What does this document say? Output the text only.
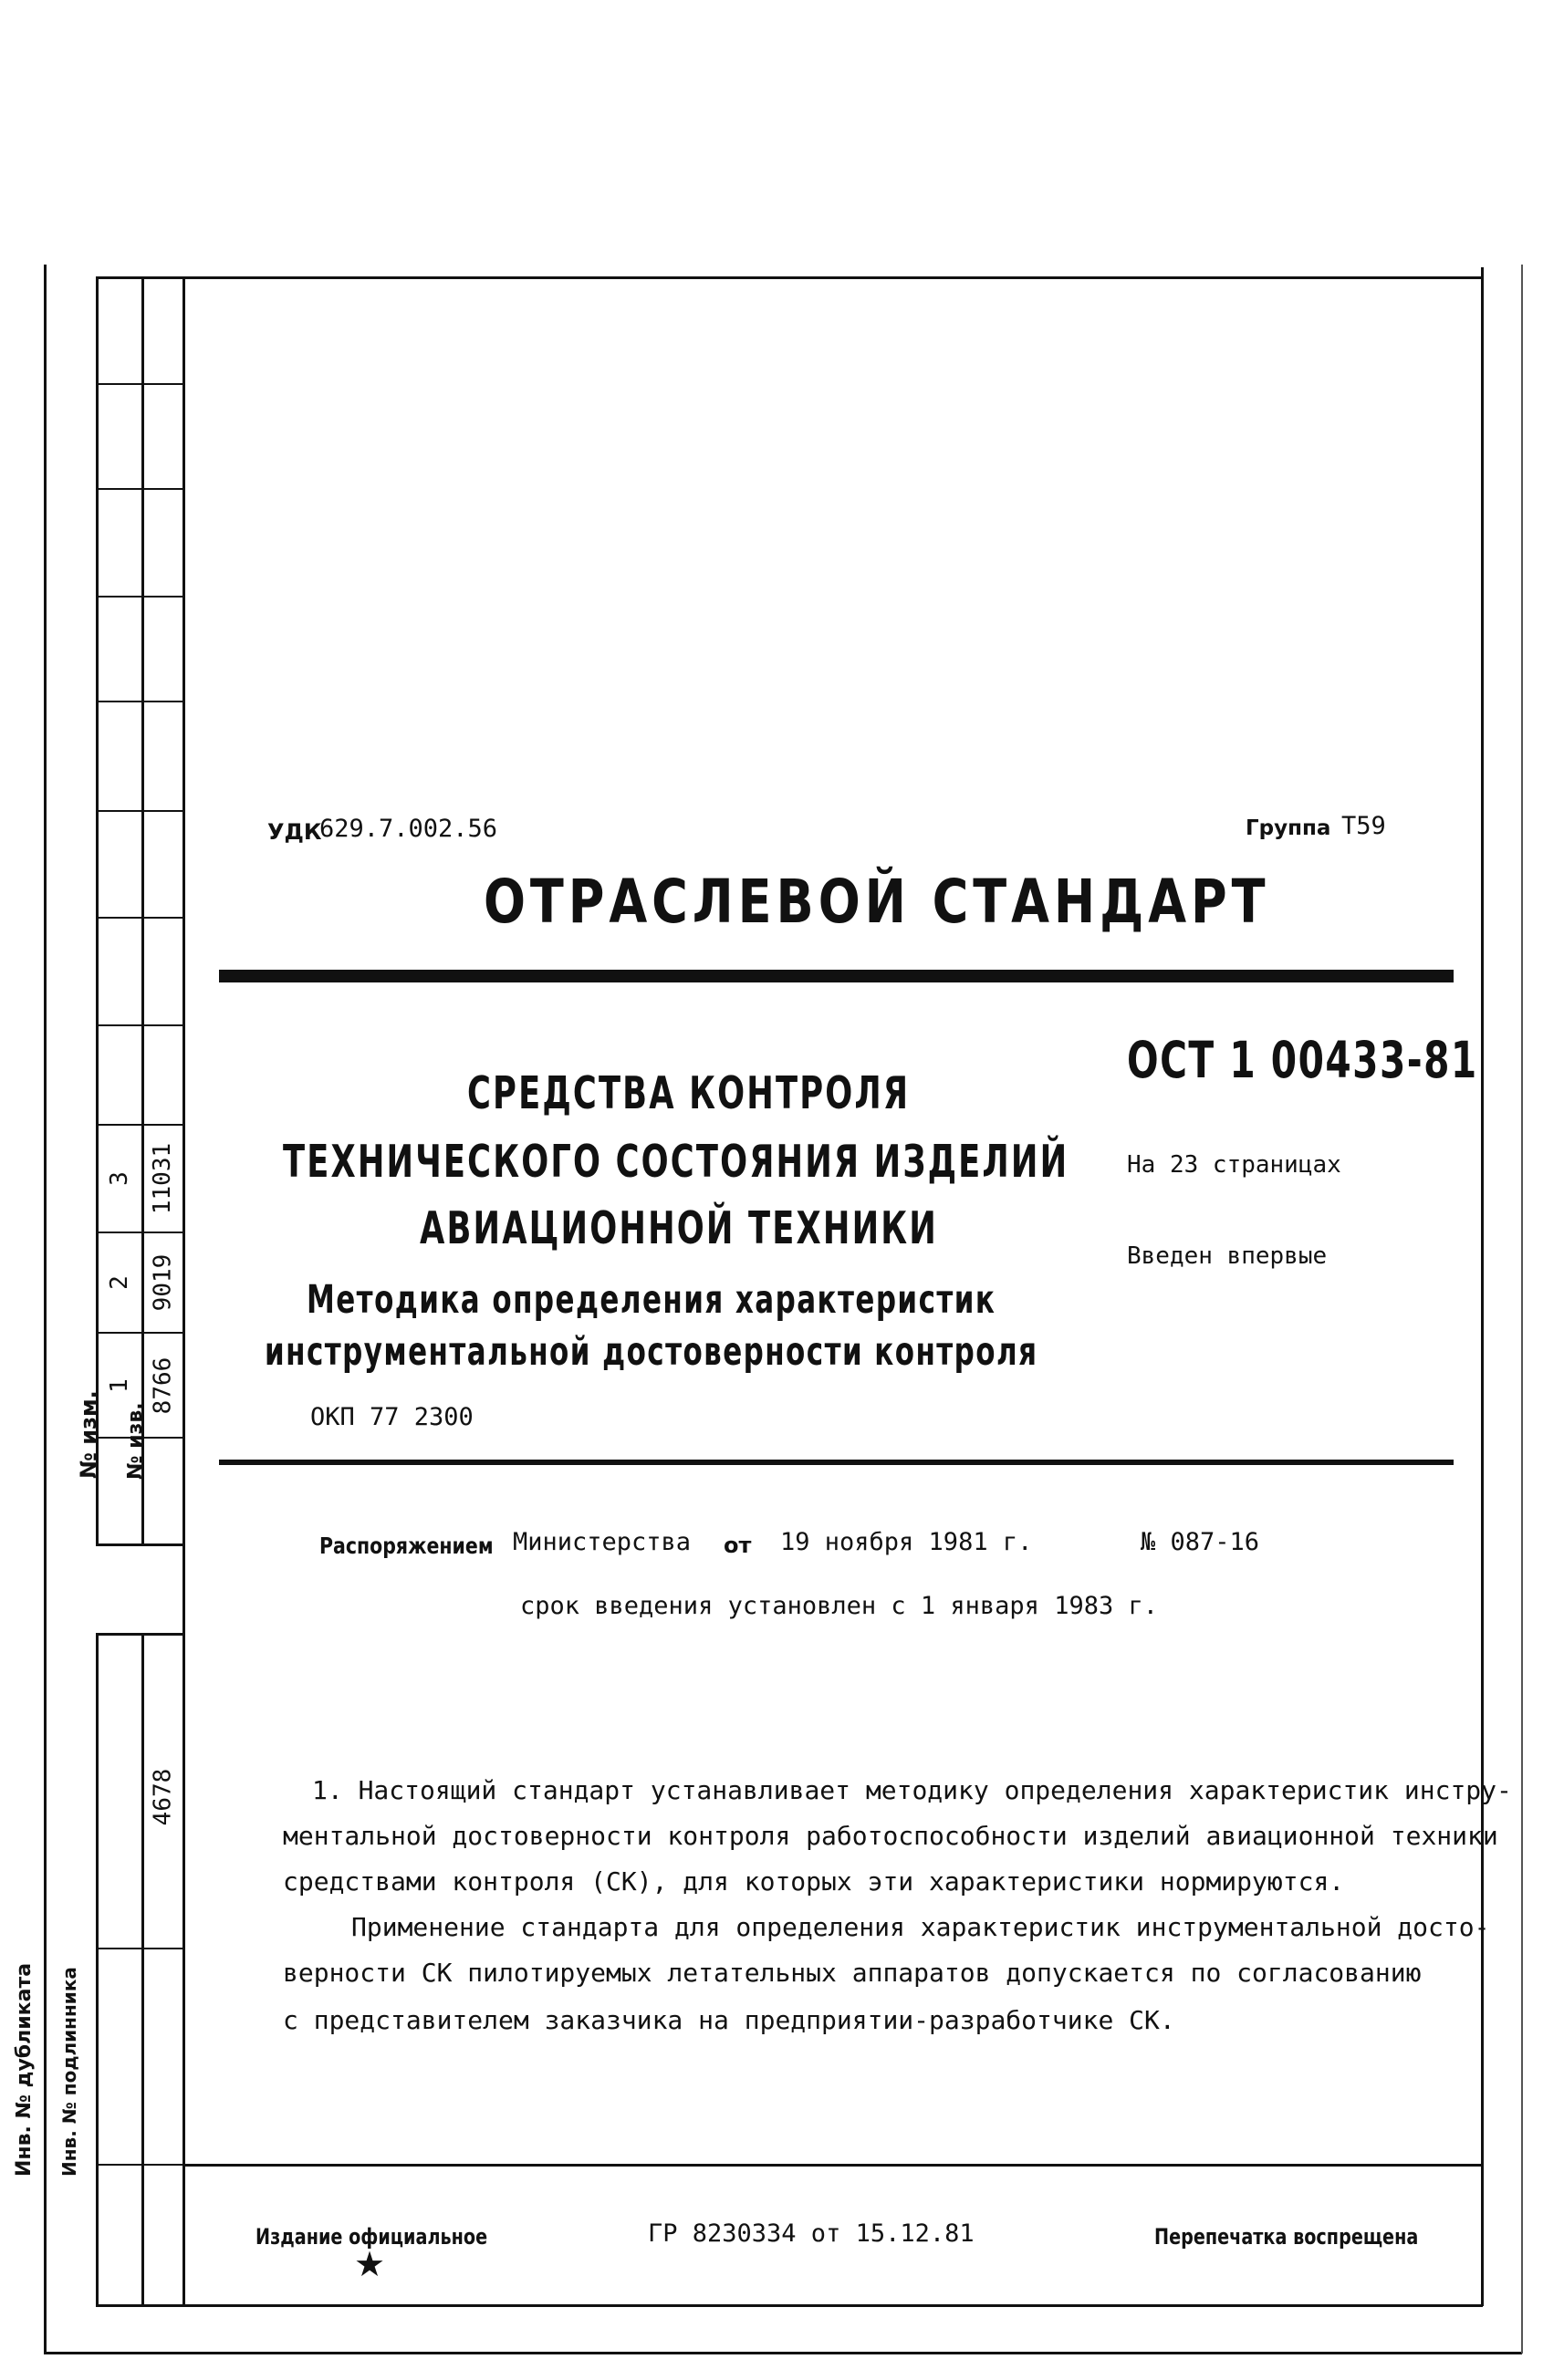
№ изм. № изв.
1 8766
2 9019
3 11031
Инв. № дубликата Инв. № подлинника
4678
УДК
629.7.002.56	Группа Т59
ОТРАСЛЕВОЙ СТАНДАРТ
СРЕДСТВА КОНТРОЛЯ
ТЕХНИЧЕСКОГО СОСТОЯНИЯ ИЗДЕЛИЙ
АВИАЦИОННОЙ ТЕХНИКИ
Методика определения характеристик
инструментальной достоверности контроля
ОКП 77 2300
ОСТ 1 00433-81
На 23 страницах
Введен впервые
Распоряжением Министерства от 19 ноября 1981 г.	№ 087-16
срок введения установлен с 1 января 1983 г.
1. Настоящий стандарт устанавливает методику определения характеристик инстру-
ментальной достоверности контроля работоспособности изделий авиационной техники
средствами контроля (СК), для которых эти характеристики нормируются.
Применение стандарта для определения характеристик инструментальной досто-
верности СК пилотируемых летательных аппаратов допускается по согласованию
с представителем заказчика на предприятии-разработчике СК.
Издание официальное
★
ГР 8230334 от 15.12.81	Перепечатка воспрещена
